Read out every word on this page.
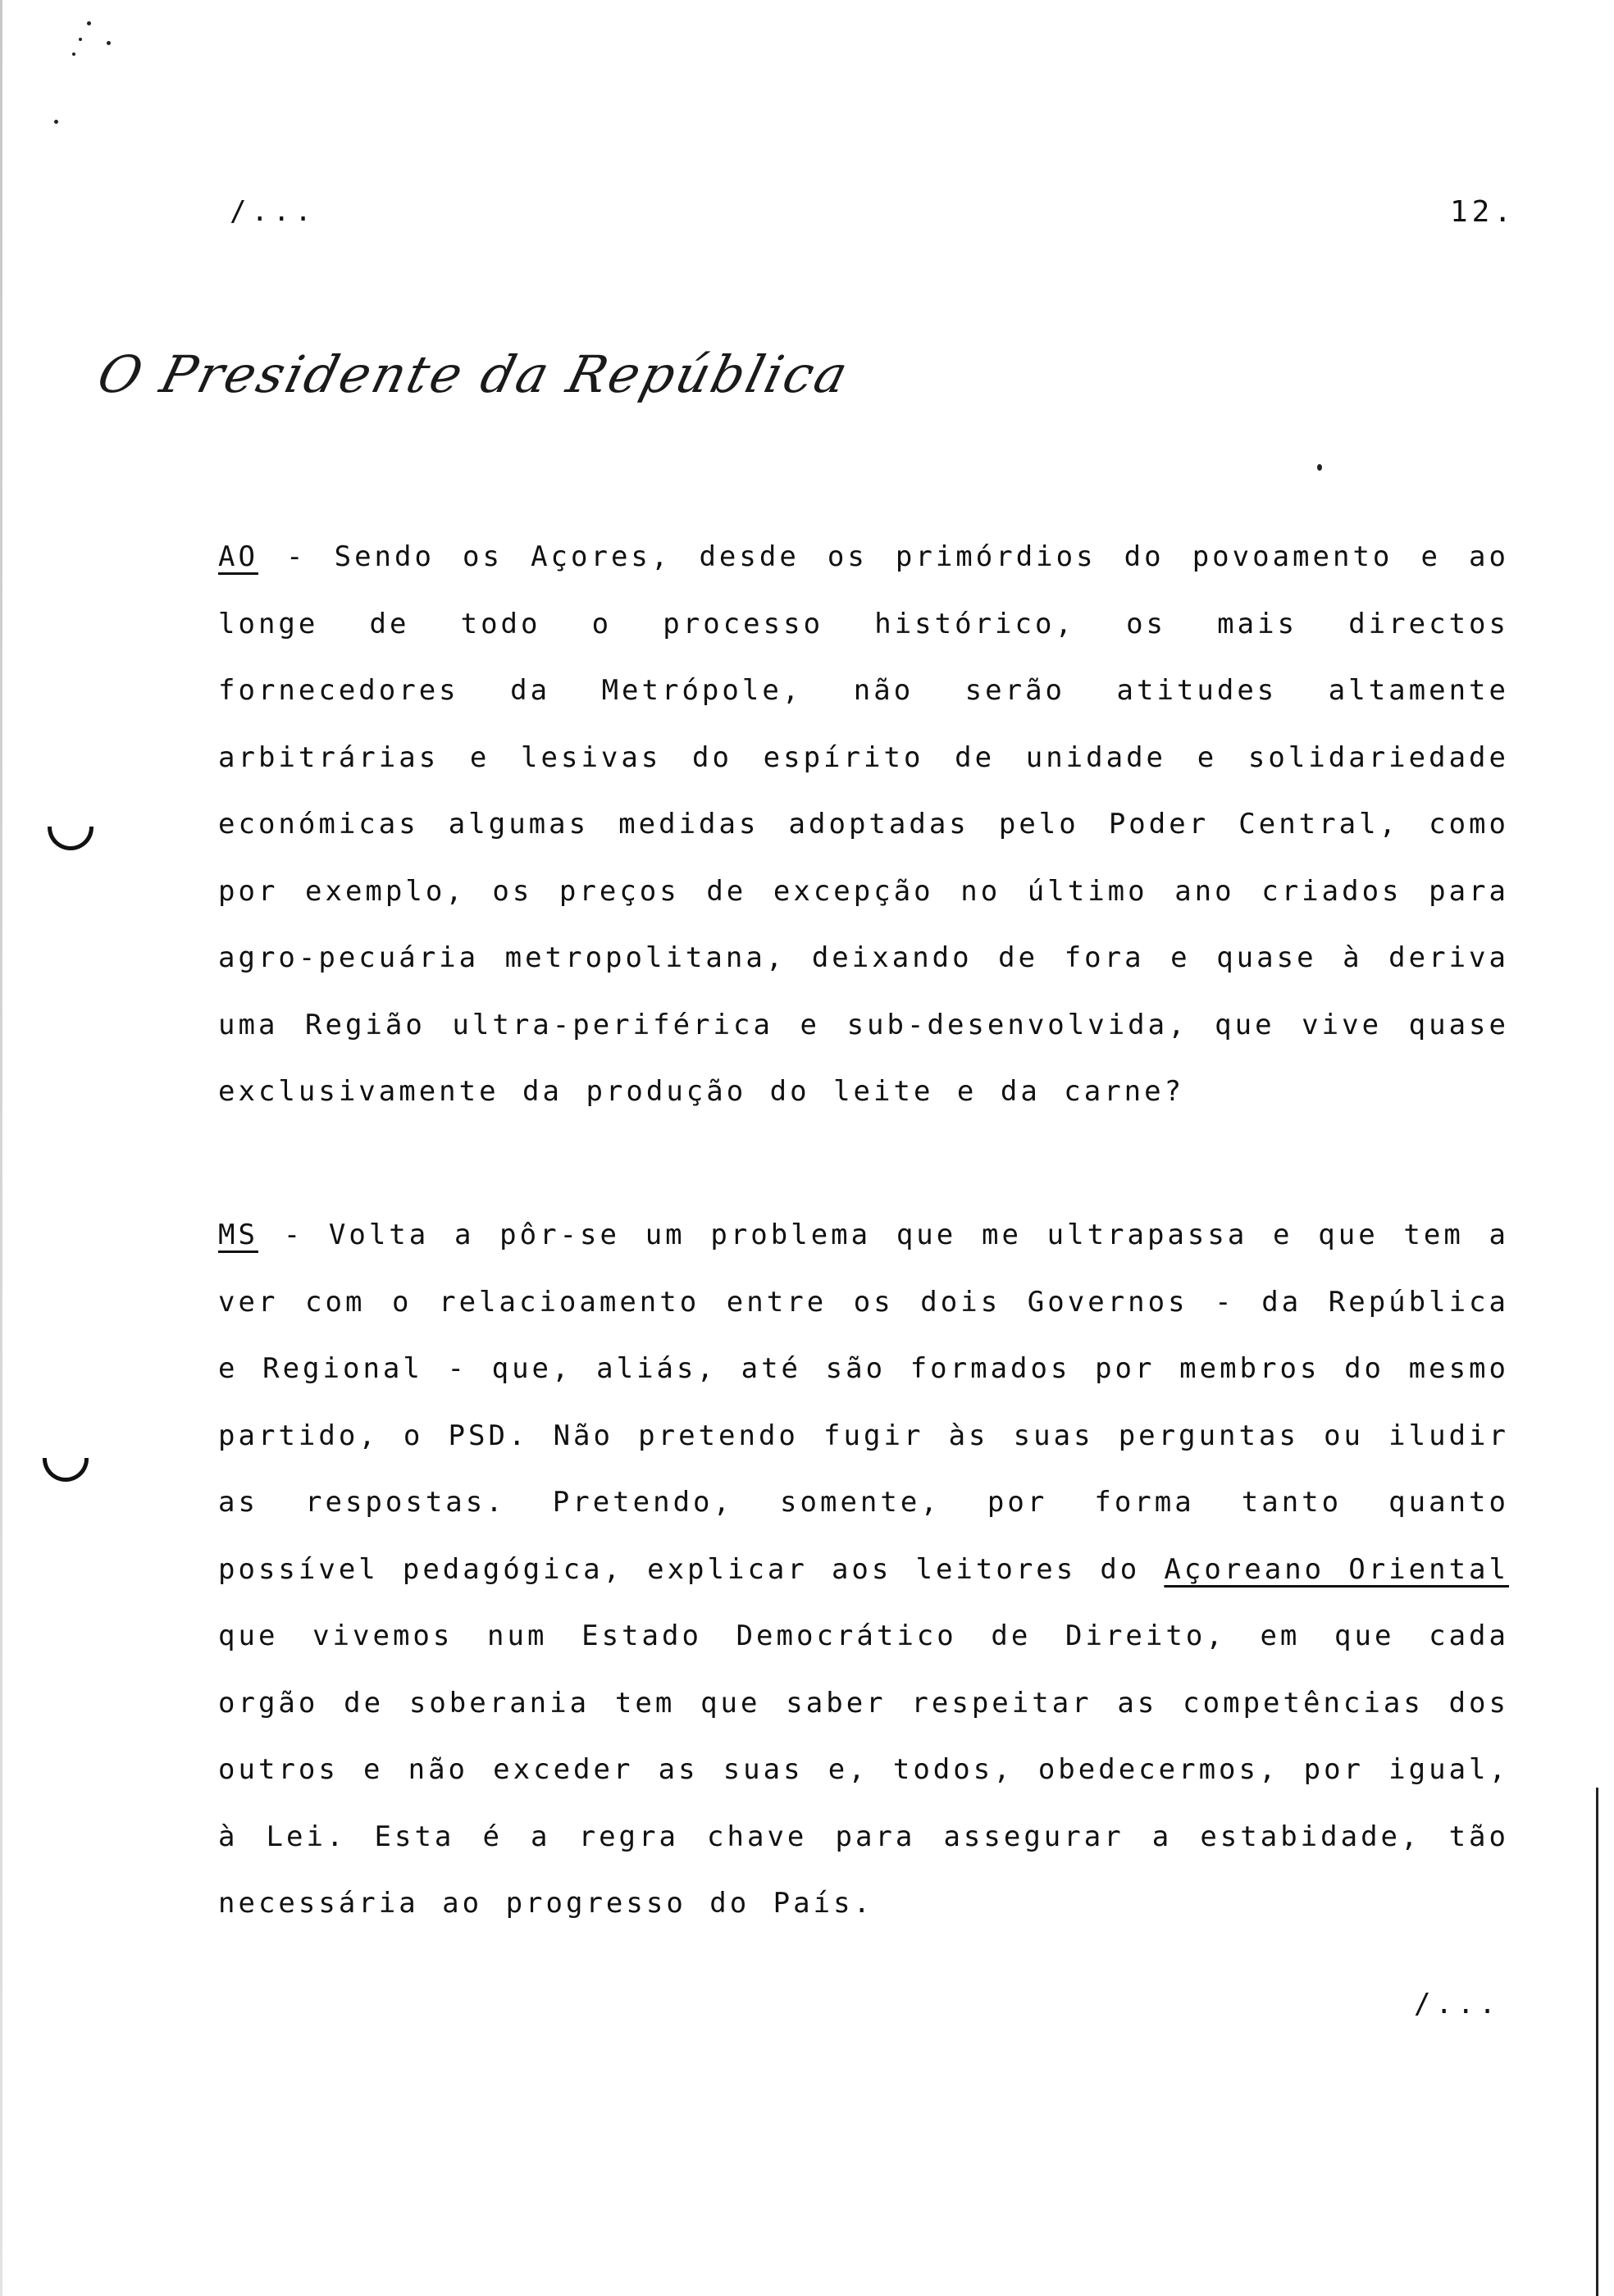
/...	12.
O Presidente da República

AO - Sendo os Açores, desde os primórdios do povoamento e ao longe de todo o processo histórico, os mais directos fornecedores da Metrópole, não serão atitudes altamente arbitrárias e lesivas do espírito de unidade e solidariedade económicas algumas medidas adoptadas pelo Poder Central, como por exemplo, os preços de excepção no último ano criados para agro-pecuária metropolitana, deixando de fora e quase à deriva uma Região ultra-periférica e sub-desenvolvida, que vive quase exclusivamente da produção do leite e da carne?

MS - Volta a pôr-se um problema que me ultrapassa e que tem a ver com o relacioamento entre os dois Governos - da República e Regional - que, aliás, até são formados por membros do mesmo partido, o PSD. Não pretendo fugir às suas perguntas ou iludir as respostas. Pretendo, somente, por forma tanto quanto possível pedagógica, explicar aos leitores do Açoreano Oriental que vivemos num Estado Democrático de Direito, em que cada orgão de soberania tem que saber respeitar as competências dos outros e não exceder as suas e, todos, obedecermos, por igual, à Lei. Esta é a regra chave para assegurar a estabidade, tão necessária ao progresso do País.

/...
